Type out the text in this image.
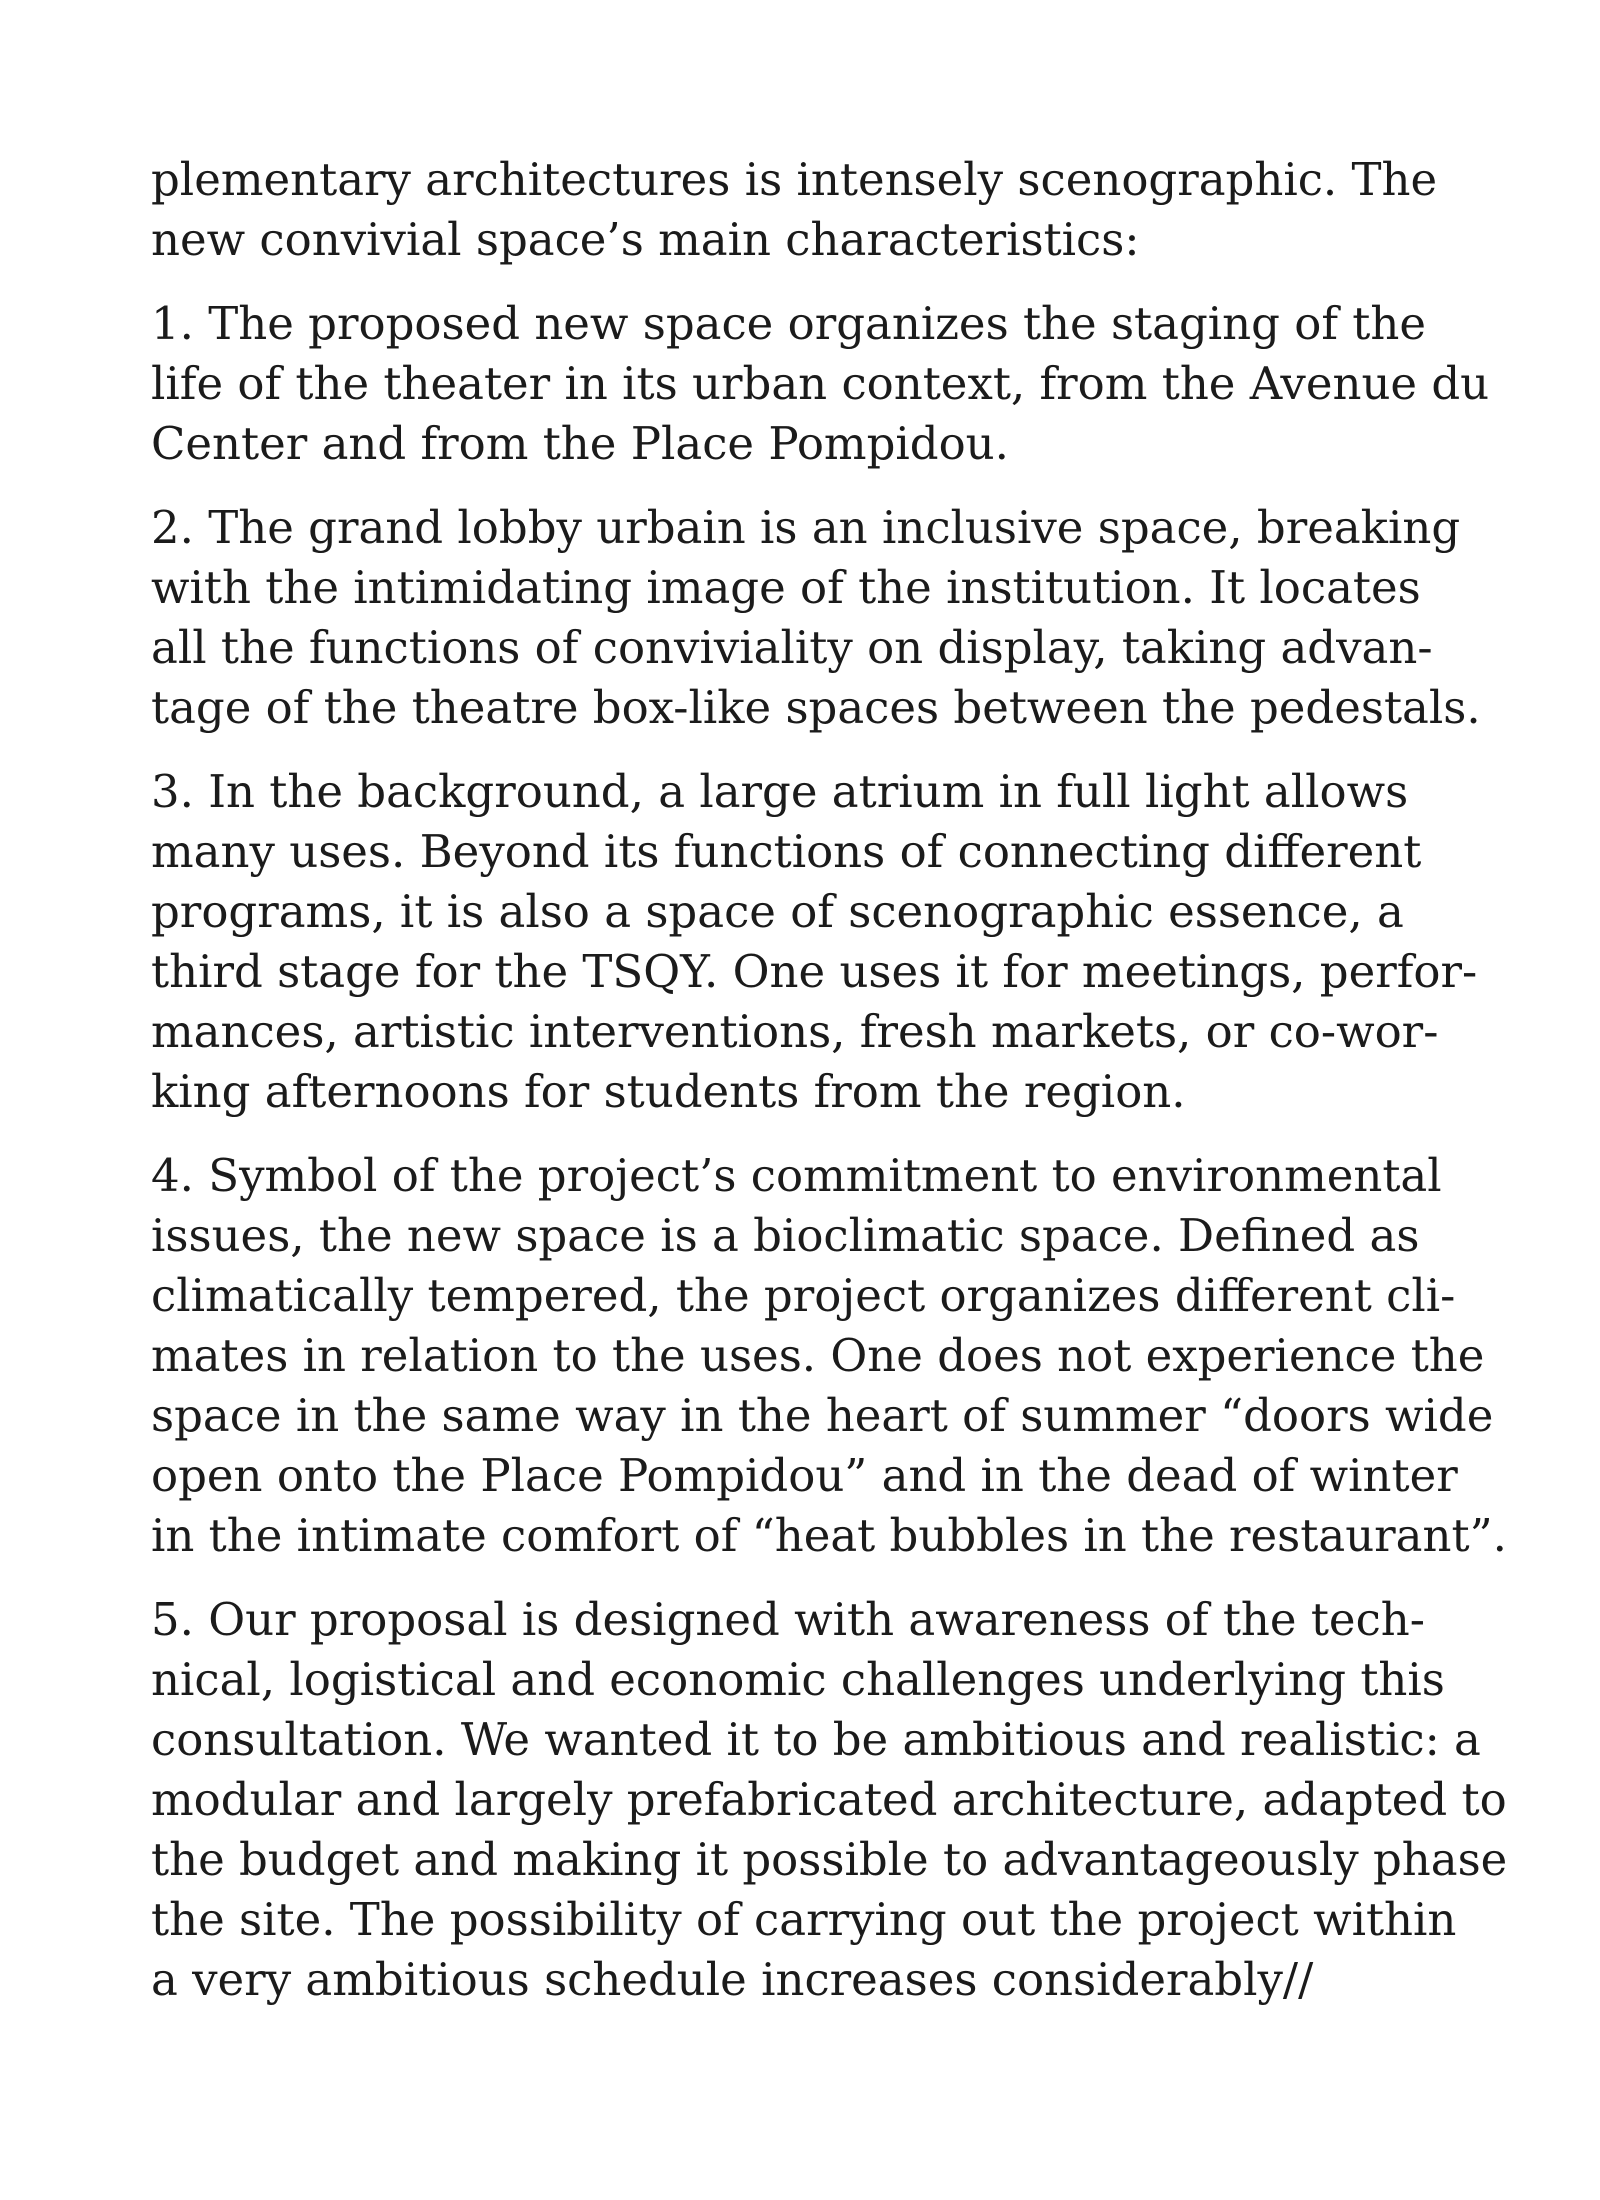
plementary architectures is intensely scenographic. The
new convivial space’s main characteristics:
1. The proposed new space organizes the staging of the
life of the theater in its urban context, from the Avenue du
Center and from the Place Pompidou.
2. The grand lobby urbain is an inclusive space, breaking
with the intimidating image of the institution. It locates
all the functions of conviviality on display, taking advan-
tage of the theatre box-like spaces between the pedestals.
3. In the background, a large atrium in full light allows
many uses. Beyond its functions of connecting different
programs, it is also a space of scenographic essence, a
third stage for the TSQY. One uses it for meetings, perfor-
mances, artistic interventions, fresh markets, or co-wor-
king afternoons for students from the region.
4. Symbol of the project’s commitment to environmental
issues, the new space is a bioclimatic space. Defined as
climatically tempered, the project organizes different cli-
mates in relation to the uses. One does not experience the
space in the same way in the heart of summer “doors wide
open onto the Place Pompidou” and in the dead of winter
in the intimate comfort of “heat bubbles in the restaurant”.
5. Our proposal is designed with awareness of the tech-
nical, logistical and economic challenges underlying this
consultation. We wanted it to be ambitious and realistic: a
modular and largely prefabricated architecture, adapted to
the budget and making it possible to advantageously phase
the site. The possibility of carrying out the project within
a very ambitious schedule increases considerably//
